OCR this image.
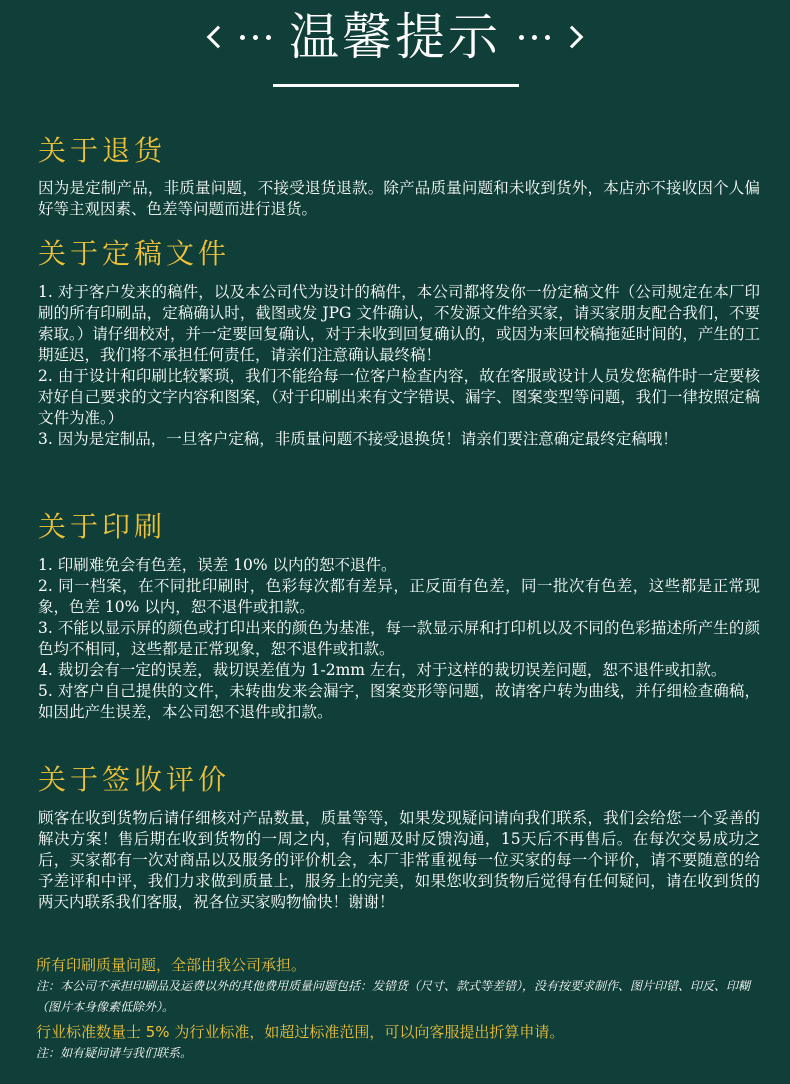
温馨提示
关于退货

因为是定制产品，非质量问题，不接受退货退款。除产品质量问题和未收到货外，本店亦不接收因个人偏好等主观因素、色差等问题而进行退货。

关于定稿文件

1. 对于客户发来的稿件，以及本公司代为设计的稿件，本公司都将发你一份定稿文件（公司规定在本厂印刷的所有印刷品，定稿确认时，截图或发 JPG 文件确认，不发源文件给买家，请买家朋友配合我们，不要索取。）请仔细校对，并一定要回复确认，对于未收到回复确认的，或因为来回校稿拖延时间的，产生的工期延迟，我们将不承担任何责任，请亲们注意确认最终稿！

2. 由于设计和印刷比较繁琐，我们不能给每一位客户检查内容，故在客服或设计人员发您稿件时一定要核对好自己要求的文字内容和图案，（对于印刷出来有文字错误、漏字、图案变型等问题，我们一律按照定稿文件为准。）

3. 因为是定制品，一旦客户定稿，非质量问题不接受退换货！请亲们要注意确定最终定稿哦！

关于印刷

1. 印刷难免会有色差，误差 10% 以内的恕不退件。

2. 同一档案，在不同批印刷时，色彩每次都有差异，正反面有色差，同一批次有色差，这些都是正常现象，色差 10% 以内，恕不退件或扣款。

3. 不能以显示屏的颜色或打印出来的颜色为基准，每一款显示屏和打印机以及不同的色彩描述所产生的颜色均不相同，这些都是正常现象，恕不退件或扣款。

4. 裁切会有一定的误差，裁切误差值为 1-2mm 左右，对于这样的裁切误差问题，恕不退件或扣款。

5. 对客户自己提供的文件，未转曲发来会漏字，图案变形等问题，故请客户转为曲线，并仔细检查确稿，如因此产生误差，本公司恕不退件或扣款。

关于签收评价

顾客在收到货物后请仔细核对产品数量，质量等等，如果发现疑问请向我们联系，我们会给您一个妥善的解决方案！售后期在收到货物的一周之内，有问题及时反馈沟通，15天后不再售后。在每次交易成功之后，买家都有一次对商品以及服务的评价机会，本厂非常重视每一位买家的每一个评价，请不要随意的给予差评和中评，我们力求做到质量上，服务上的完美，如果您收到货物后觉得有任何疑问，请在收到货的两天内联系我们客服，祝各位买家购物愉快！谢谢！

所有印刷质量问题，全部由我公司承担。

注：本公司不承担印刷品及运费以外的其他费用质量问题包括：发错货（尺寸、款式等差错），没有按要求制作、图片印错、印反、印糊（图片本身像素低除外）。

行业标准数量士 5% 为行业标准，如超过标准范围，可以向客服提出折算申请。

注：如有疑问请与我们联系。
